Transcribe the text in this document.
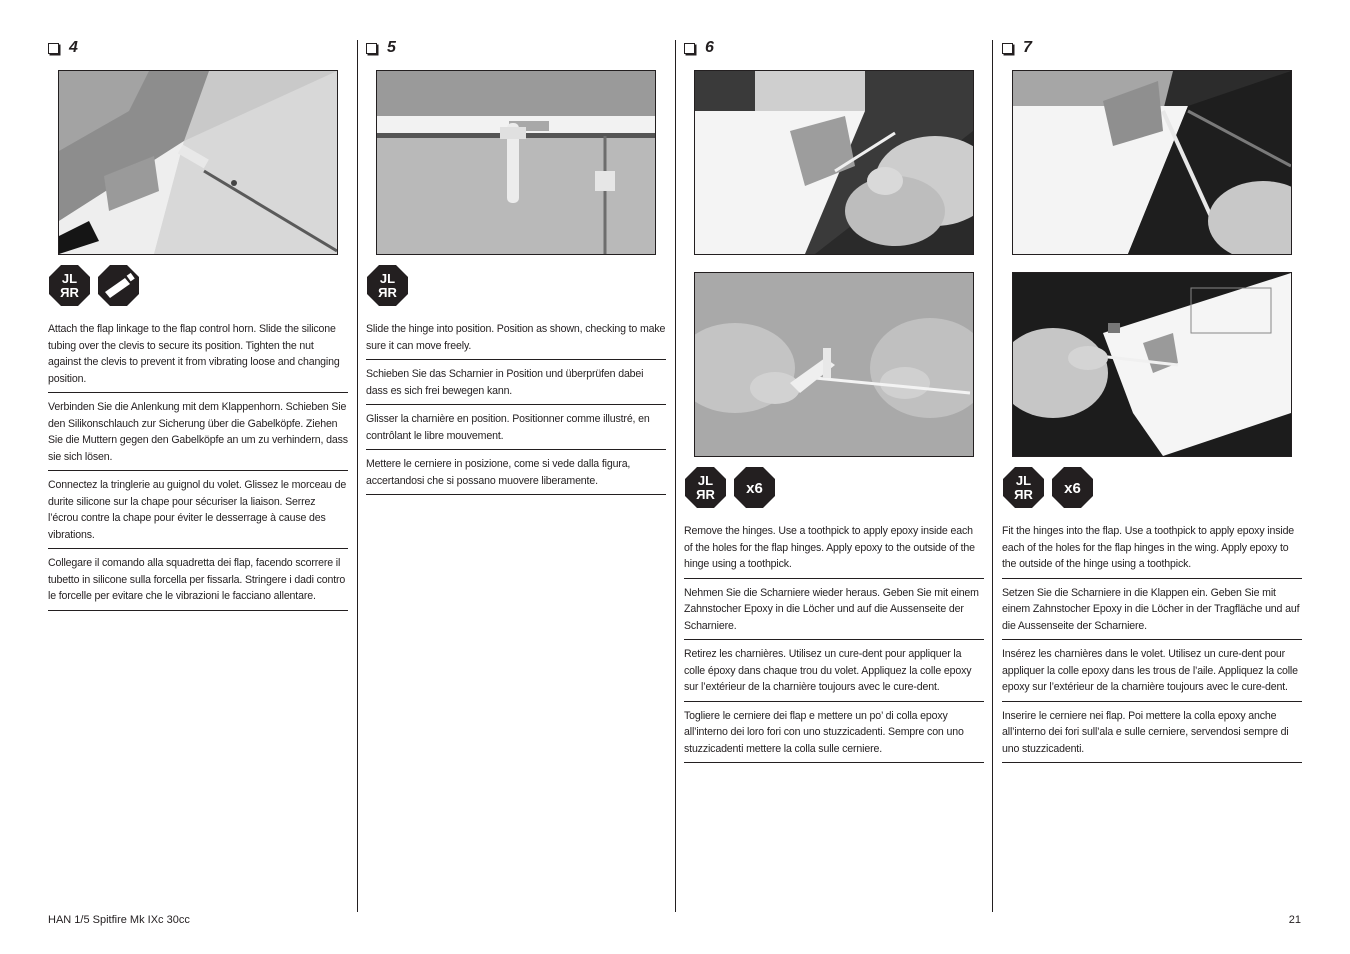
4
JL
ЯR
Attach the flap linkage to the flap control horn. Slide the silicone tubing over the clevis to secure its position. Tighten the nut against the clevis to prevent it from vibrating loose and changing position.
Verbinden Sie die Anlenkung mit dem Klappenhorn. Schieben Sie den Silikonschlauch zur Sicherung über die Gabelköpfe. Ziehen Sie die Muttern gegen den Gabelköpfe an um zu verhindern, dass sie sich lösen.
Connectez la tringlerie au guignol du volet. Glissez le morceau de durite silicone sur la chape pour sécuriser la liaison. Serrez l’écrou contre la chape pour éviter le desserrage à cause des vibrations.
Collegare il comando alla squadretta dei flap, facendo scorrere il tubetto in silicone sulla forcella per fissarla. Stringere i dadi contro le forcelle per evitare che le vibrazioni le facciano allentare.
5
JL
ЯR
Slide the hinge into position. Position as shown, checking to make sure it can move freely.
Schieben Sie das Scharnier in Position und überprüfen dabei dass es sich frei bewegen kann.
Glisser la charnière en position. Positionner comme illustré, en contrôlant le libre mouvement.
Mettere le cerniere in posizione, come si vede dalla figura, accertandosi che si possano muovere liberamente.
6
JL
ЯR x6
Remove the hinges. Use a toothpick to apply epoxy inside each of the holes for the flap hinges. Apply epoxy to the outside of the hinge using a toothpick.
Nehmen Sie die Scharniere wieder heraus. Geben Sie mit einem Zahnstocher Epoxy in die Löcher und auf die Aussenseite der Scharniere.
Retirez les charnières. Utilisez un cure-dent pour appliquer la colle époxy dans chaque trou du volet. Appliquez la colle epoxy sur l’extérieur de la charnière toujours avec le cure-dent.
Togliere le cerniere dei flap e mettere un po’ di colla epoxy all’interno dei loro fori con uno stuzzicadenti. Sempre con uno stuzzicadenti mettere la colla sulle cerniere.
7
JL
ЯR x6
Fit the hinges into the flap. Use a toothpick to apply epoxy inside each of the holes for the flap hinges in the wing. Apply epoxy to the outside of the hinge using a toothpick.
Setzen Sie die Scharniere in die Klappen ein. Geben Sie mit einem Zahnstocher Epoxy in die Löcher in der Tragfläche und auf die Aussenseite der Scharniere.
Insérez les charnières dans le volet. Utilisez un cure-dent pour appliquer la colle epoxy dans les trous de l’aile. Appliquez la colle epoxy sur l’extérieur de la charnière toujours avec le cure-dent.
Inserire le cerniere nei flap. Poi mettere la colla epoxy anche all’interno dei fori sull’ala e sulle cerniere, servendosi sempre di uno stuzzicadenti.
HAN 1/5 Spitfire Mk IXc 30cc	21
